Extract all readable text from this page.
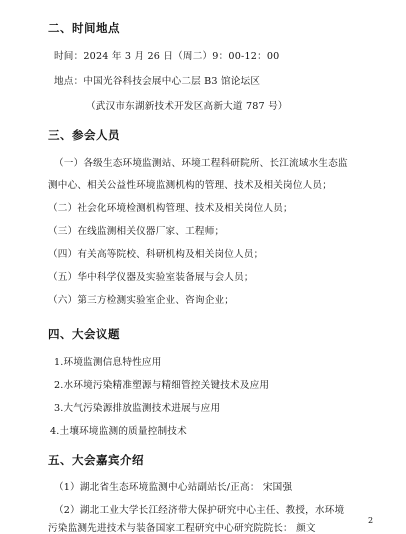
二、时间地点
时间：2024 年 3 月 26 日（周二）9：00-12：00
地点：中国光谷科技会展中心二层 B3 馆论坛区
（武汉市东湖新技术开发区高新大道 787 号）
三、参会人员
（一）各级生态环境监测站、环境工程科研院所、长江流域水生态监
测中心、相关公益性环境监测机构的管理、技术及相关岗位人员；
（二）社会化环境检测机构管理、技术及相关岗位人员；
（三）在线监测相关仪器厂家、工程师；
（四）有关高等院校、科研机构及相关岗位人员；
（五）华中科学仪器及实验室装备展与会人员；
（六）第三方检测实验室企业、咨询企业；
四、大会议题
1.环境监测信息特性应用
2.水环境污染精准塑源与精细管控关键技术及应用
3.大气污染源排放监测技术进展与应用
4.土壤环境监测的质量控制技术
五、大会嘉宾介绍
（1）湖北省生态环境监测中心站副站长/正高： 宋国强
（2）湖北工业大学长江经济带大保护研究中心主任、教授，水环境
污染监测先进技术与装备国家工程研究中心研究院院长： 颜文
2
